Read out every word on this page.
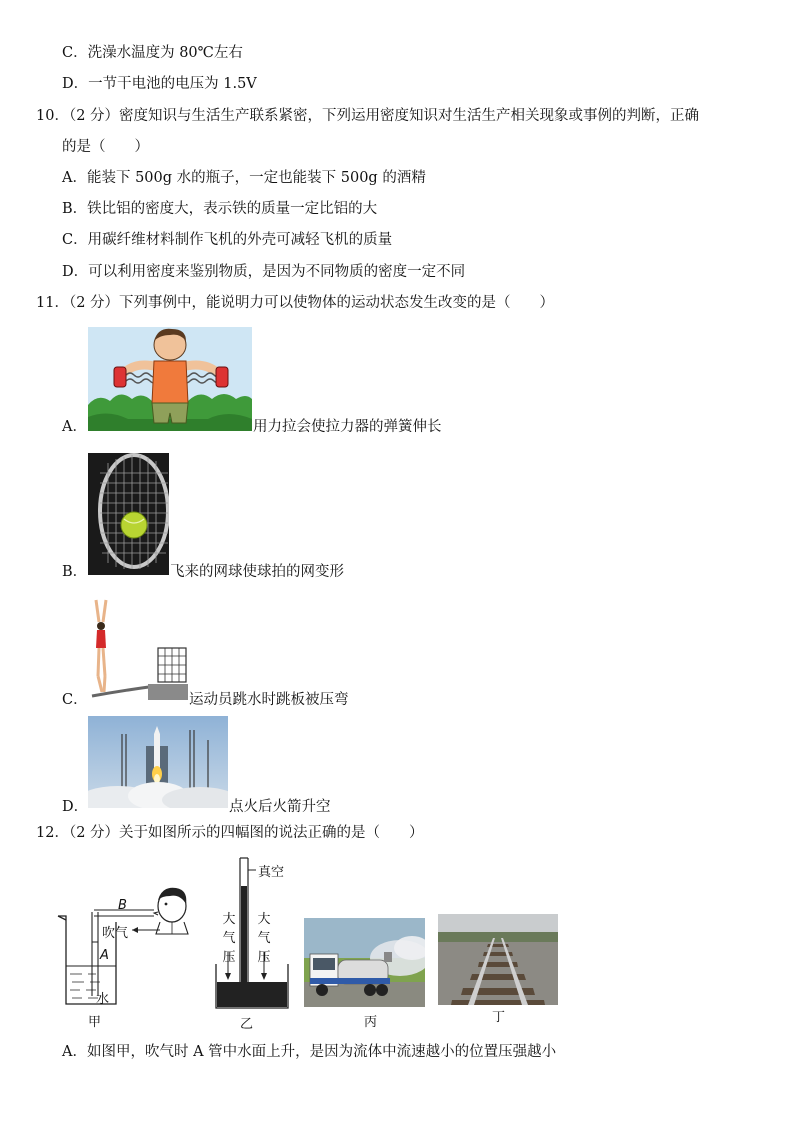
C．洗澡水温度为 80℃左右
D．一节干电池的电压为 1.5V
10．（2 分）密度知识与生活生产联系紧密，下列运用密度知识对生活生产相关现象或事例的判断，正确
的是（　　）
A．能装下 500g 水的瓶子，一定也能装下 500g 的酒精
B．铁比铝的密度大，表示铁的质量一定比铝的大
C．用碳纤维材料制作飞机的外壳可减轻飞机的质量
D．可以利用密度来鉴别物质，是因为不同物质的密度一定不同
11．（2 分）下列事例中，能说明力可以使物体的运动状态发生改变的是（　　）
A．	用力拉会使拉力器的弹簧伸长
B．	飞来的网球使球拍的网变形
C．	运动员跳水时跳板被压弯
D．	点火后火箭升空
12．（2 分）关于如图所示的四幅图的说法正确的是（　　）
B
A
吹气
水
甲
真空
大
气
压
大
气
压
乙	丙	丁
A．如图甲，吹气时 A 管中水面上升，是因为流体中流速越小的位置压强越小
